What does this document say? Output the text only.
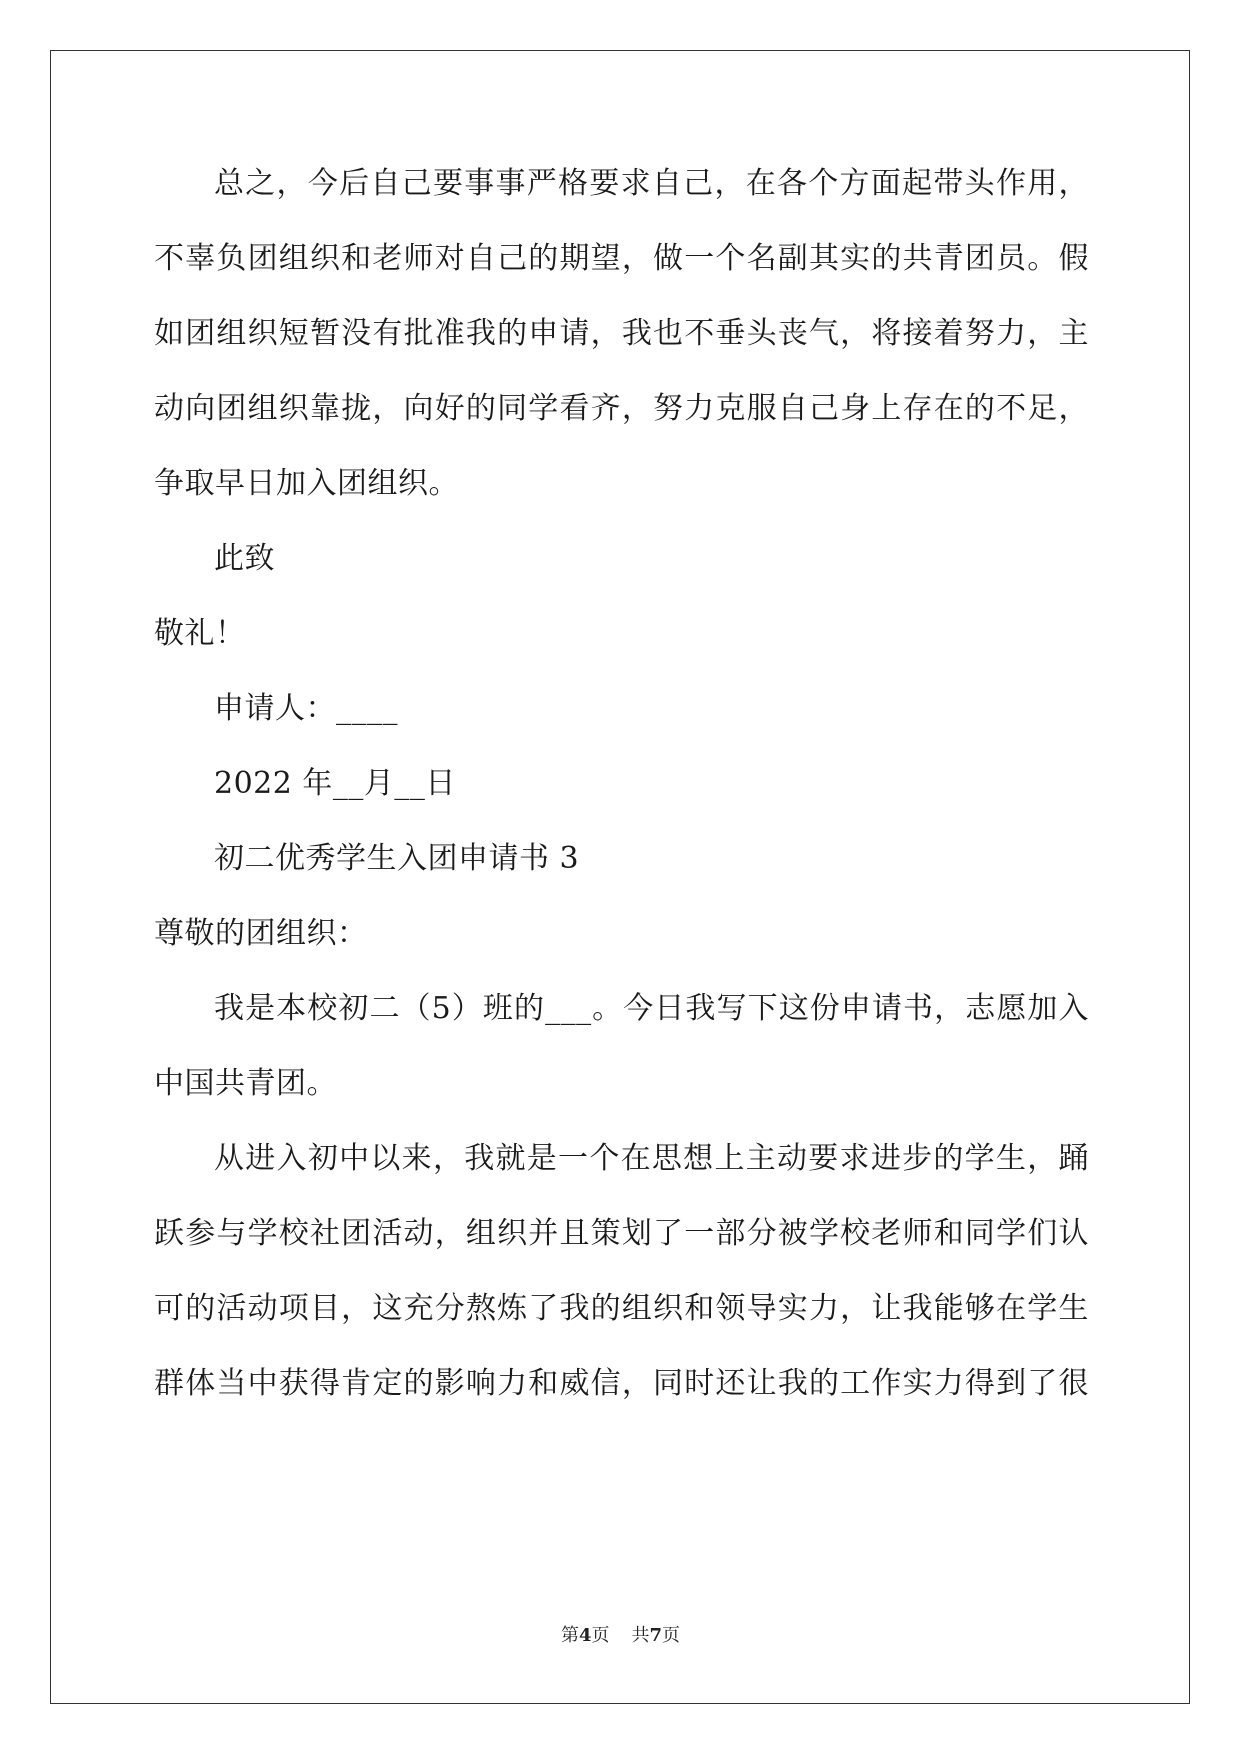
总之，今后自己要事事严格要求自己，在各个方面起带头作用，
不辜负团组织和老师对自己的期望，做一个名副其实的共青团员。假
如团组织短暂没有批准我的申请，我也不垂头丧气，将接着努力，主
动向团组织靠拢，向好的同学看齐，努力克服自己身上存在的不足，
争取早日加入团组织。
此致
敬礼！
申请人：____
2022 年__月__日
初二优秀学生入团申请书 3
尊敬的团组织：
我是本校初二（5）班的___。今日我写下这份申请书，志愿加入
中国共青团。
从进入初中以来，我就是一个在思想上主动要求进步的学生，踊
跃参与学校社团活动，组织并且策划了一部分被学校老师和同学们认
可的活动项目，这充分熬炼了我的组织和领导实力，让我能够在学生
群体当中获得肯定的影响力和威信，同时还让我的工作实力得到了很
第4页 共7页
